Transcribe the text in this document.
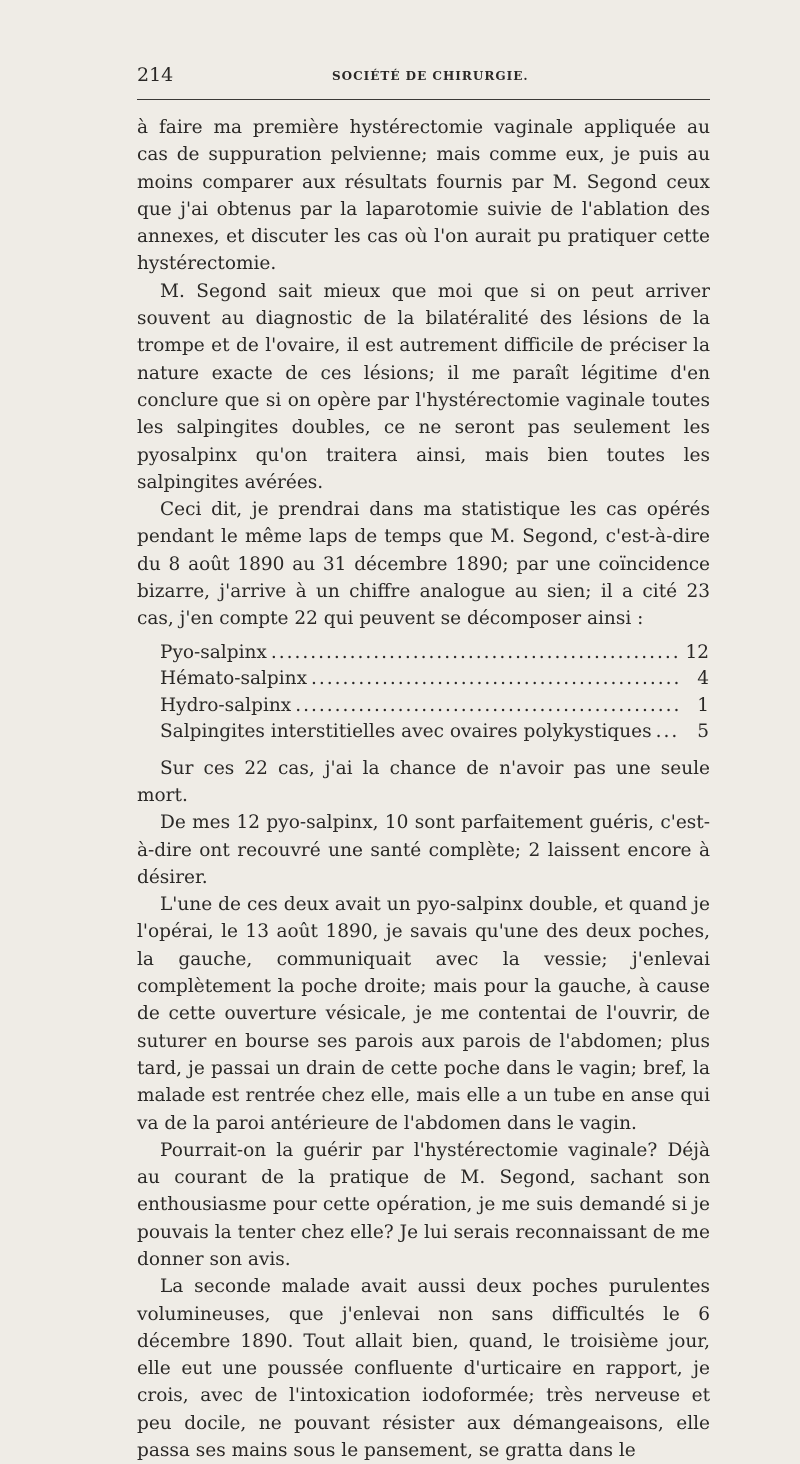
214	SOCIÉTÉ DE CHIRURGIE.

à faire ma première hystérectomie vaginale appliquée au cas de suppuration pelvienne; mais comme eux, je puis au moins comparer aux résultats fournis par M. Segond ceux que j'ai obtenus par la laparotomie suivie de l'ablation des annexes, et discuter les cas où l'on aurait pu pratiquer cette hystérectomie.

M. Segond sait mieux que moi que si on peut arriver souvent au diagnostic de la bilatéralité des lésions de la trompe et de l'ovaire, il est autrement difficile de préciser la nature exacte de ces lésions; il me paraît légitime d'en conclure que si on opère par l'hystérectomie vaginale toutes les salpingites doubles, ce ne seront pas seulement les pyosalpinx qu'on traitera ainsi, mais bien toutes les salpingites avérées.

Ceci dit, je prendrai dans ma statistique les cas opérés pendant le même laps de temps que M. Segond, c'est-à-dire du 8 août 1890 au 31 décembre 1890; par une coïncidence bizarre, j'arrive à un chiffre analogue au sien; il a cité 23 cas, j'en compte 22 qui peuvent se décomposer ainsi :

Pyo-salpinx .....	12
Hémato-salpinx .....	4
Hydro-salpinx .....	1
Salpingites interstitielles avec ovaires polykystiques .....	5

Sur ces 22 cas, j'ai la chance de n'avoir pas une seule mort.

De mes 12 pyo-salpinx, 10 sont parfaitement guéris, c'est-à-dire ont recouvré une santé complète; 2 laissent encore à désirer.

L'une de ces deux avait un pyo-salpinx double, et quand je l'opérai, le 13 août 1890, je savais qu'une des deux poches, la gauche, communiquait avec la vessie; j'enlevai complètement la poche droite; mais pour la gauche, à cause de cette ouverture vésicale, je me contentai de l'ouvrir, de suturer en bourse ses parois aux parois de l'abdomen; plus tard, je passai un drain de cette poche dans le vagin; bref, la malade est rentrée chez elle, mais elle a un tube en anse qui va de la paroi antérieure de l'abdomen dans le vagin.

Pourrait-on la guérir par l'hystérectomie vaginale? Déjà au courant de la pratique de M. Segond, sachant son enthousiasme pour cette opération, je me suis demandé si je pouvais la tenter chez elle? Je lui serais reconnaissant de me donner son avis.

La seconde malade avait aussi deux poches purulentes volumineuses, que j'enlevai non sans difficultés le 6 décembre 1890. Tout allait bien, quand, le troisième jour, elle eut une poussée confluente d'urticaire en rapport, je crois, avec de l'intoxication iodoformée; très nerveuse et peu docile, ne pouvant résister aux démangeaisons, elle passa ses mains sous le pansement, se gratta dans le
